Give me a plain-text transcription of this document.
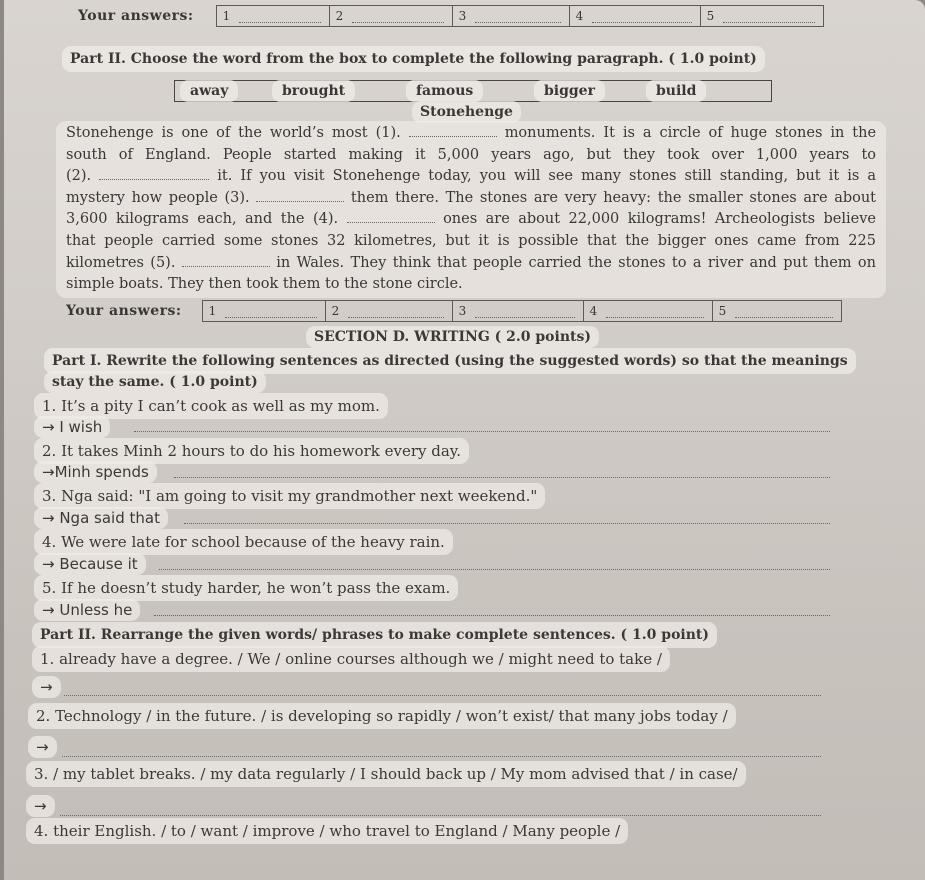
Your answers:	1	2	3	4	5
Part II. Choose the word from the box to complete the following paragraph. ( 1.0 point)
away	brought	famous	bigger	build
Stonehenge
Stonehenge is one of the world’s most (1).	monuments. It is a circle of huge stones in the
south of England. People started making it 5,000 years ago, but they took over 1,000 years to
(2).	it. If you visit Stonehenge today, you will see many stones still standing, but it is a
mystery how people (3).	them there. The stones are very heavy: the smaller stones are about
3,600 kilograms each, and the (4).	ones are about 22,000 kilograms! Archeologists believe
that people carried some stones 32 kilometres, but it is possible that the bigger ones came from 225
kilometres (5).	in Wales. They think that people carried the stones to a river and put them on
simple boats. They then took them to the stone circle.
Your answers:	1	2	3	4	5
SECTION D. WRITING ( 2.0 points)
Part I. Rewrite the following sentences as directed (using the suggested words) so that the meanings
stay the same. ( 1.0 point)
1. It’s a pity I can’t cook as well as my mom.
→ I wish
2. It takes Minh 2 hours to do his homework every day.
→Minh spends
3. Nga said: "I am going to visit my grandmother next weekend."
→ Nga said that
4. We were late for school because of the heavy rain.
→ Because it
5. If he doesn’t study harder, he won’t pass the exam.
→ Unless he
Part II. Rearrange the given words/ phrases to make complete sentences. ( 1.0 point)
1. already have a degree. / We / online courses although we / might need to take /
→
2. Technology / in the future. / is developing so rapidly / won’t exist/ that many jobs today /
→
3. / my tablet breaks. / my data regularly / I should back up / My mom advised that / in case/
→
4. their English. / to / want / improve / who travel to England / Many people /
